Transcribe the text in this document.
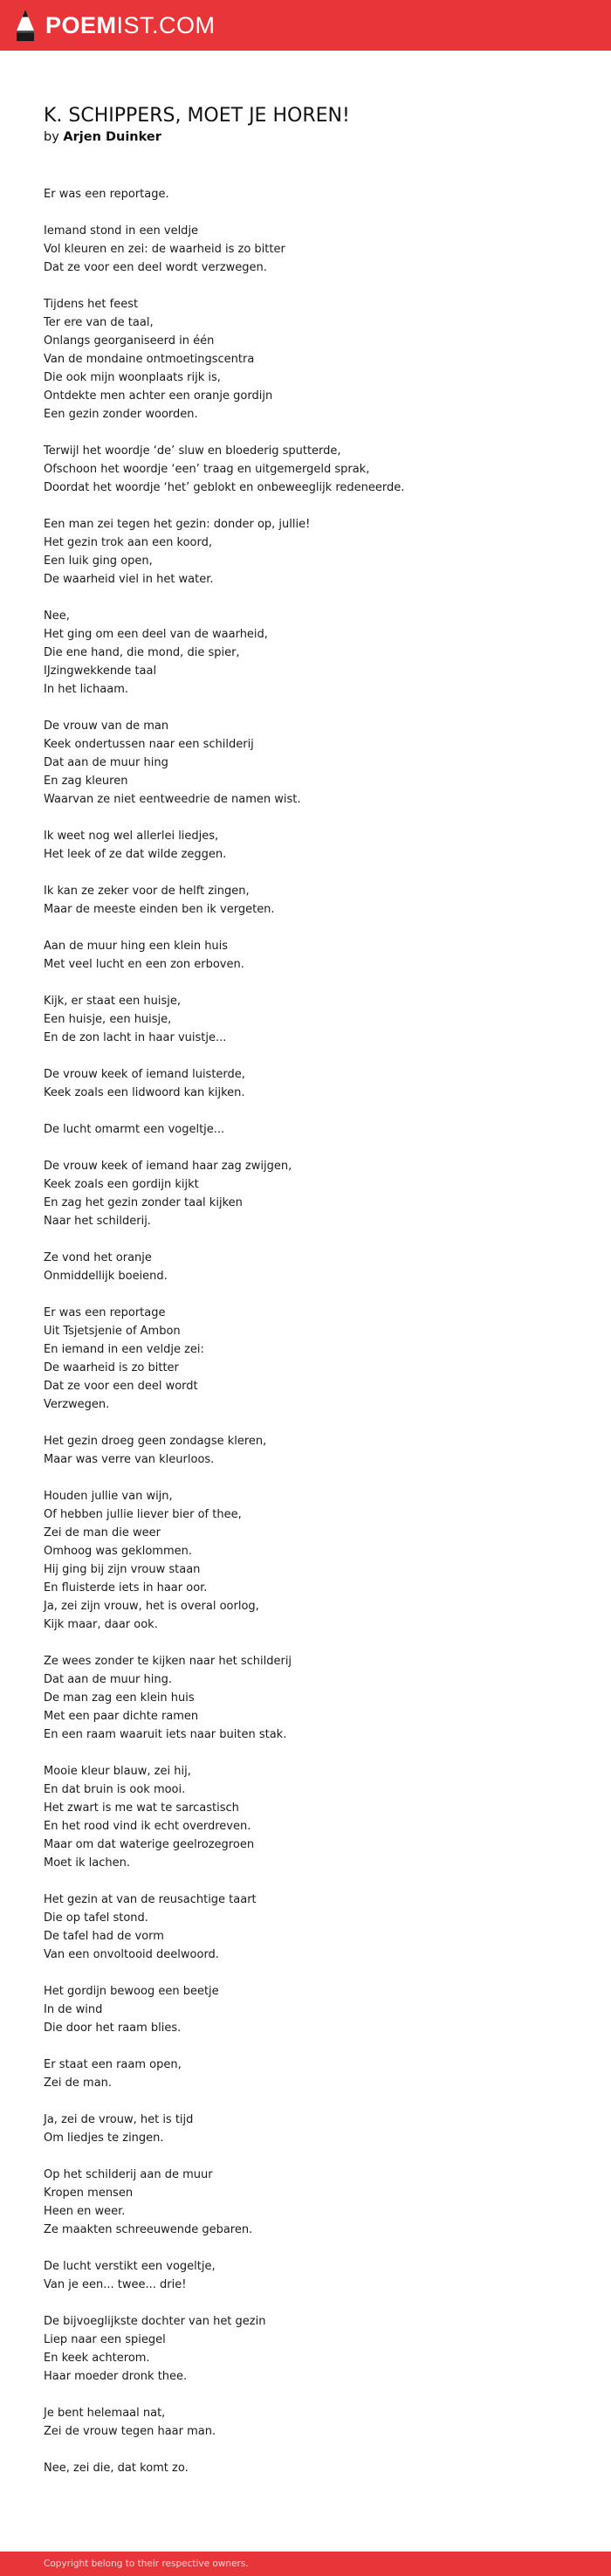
POEMIST.COM
K. SCHIPPERS, MOET JE HOREN!
by Arjen Duinker
Er was een reportage.
Iemand stond in een veldje
Vol kleuren en zei: de waarheid is zo bitter
Dat ze voor een deel wordt verzwegen.
Tijdens het feest
Ter ere van de taal,
Onlangs georganiseerd in één
Van de mondaine ontmoetingscentra
Die ook mijn woonplaats rijk is,
Ontdekte men achter een oranje gordijn
Een gezin zonder woorden.
Terwijl het woordje ‘de’ sluw en bloederig sputterde,
Ofschoon het woordje ‘een’ traag en uitgemergeld sprak,
Doordat het woordje ‘het’ geblokt en onbeweeglijk redeneerde.
Een man zei tegen het gezin: donder op, jullie!
Het gezin trok aan een koord,
Een luik ging open,
De waarheid viel in het water.
Nee,
Het ging om een deel van de waarheid,
Die ene hand, die mond, die spier,
IJzingwekkende taal
In het lichaam.
De vrouw van de man
Keek ondertussen naar een schilderij
Dat aan de muur hing
En zag kleuren
Waarvan ze niet eentweedrie de namen wist.
Ik weet nog wel allerlei liedjes,
Het leek of ze dat wilde zeggen.
Ik kan ze zeker voor de helft zingen,
Maar de meeste einden ben ik vergeten.
Aan de muur hing een klein huis
Met veel lucht en een zon erboven.
Kijk, er staat een huisje,
Een huisje, een huisje,
En de zon lacht in haar vuistje...
De vrouw keek of iemand luisterde,
Keek zoals een lidwoord kan kijken.
De lucht omarmt een vogeltje...
De vrouw keek of iemand haar zag zwijgen,
Keek zoals een gordijn kijkt
En zag het gezin zonder taal kijken
Naar het schilderij.
Ze vond het oranje
Onmiddellijk boeiend.
Er was een reportage
Uit Tsjetsjenie of Ambon
En iemand in een veldje zei:
De waarheid is zo bitter
Dat ze voor een deel wordt
Verzwegen.
Het gezin droeg geen zondagse kleren,
Maar was verre van kleurloos.
Houden jullie van wijn,
Of hebben jullie liever bier of thee,
Zei de man die weer
Omhoog was geklommen.
Hij ging bij zijn vrouw staan
En fluisterde iets in haar oor.
Ja, zei zijn vrouw, het is overal oorlog,
Kijk maar, daar ook.
Ze wees zonder te kijken naar het schilderij
Dat aan de muur hing.
De man zag een klein huis
Met een paar dichte ramen
En een raam waaruit iets naar buiten stak.
Mooie kleur blauw, zei hij,
En dat bruin is ook mooi.
Het zwart is me wat te sarcastisch
En het rood vind ik echt overdreven.
Maar om dat waterige geelrozegroen
Moet ik lachen.
Het gezin at van de reusachtige taart
Die op tafel stond.
De tafel had de vorm
Van een onvoltooid deelwoord.
Het gordijn bewoog een beetje
In de wind
Die door het raam blies.
Er staat een raam open,
Zei de man.
Ja, zei de vrouw, het is tijd
Om liedjes te zingen.
Op het schilderij aan de muur
Kropen mensen
Heen en weer.
Ze maakten schreeuwende gebaren.
De lucht verstikt een vogeltje,
Van je een... twee... drie!
De bijvoeglijkste dochter van het gezin
Liep naar een spiegel
En keek achterom.
Haar moeder dronk thee.
Je bent helemaal nat,
Zei de vrouw tegen haar man.
Nee, zei die, dat komt zo.
Copyright belong to their respective owners.
